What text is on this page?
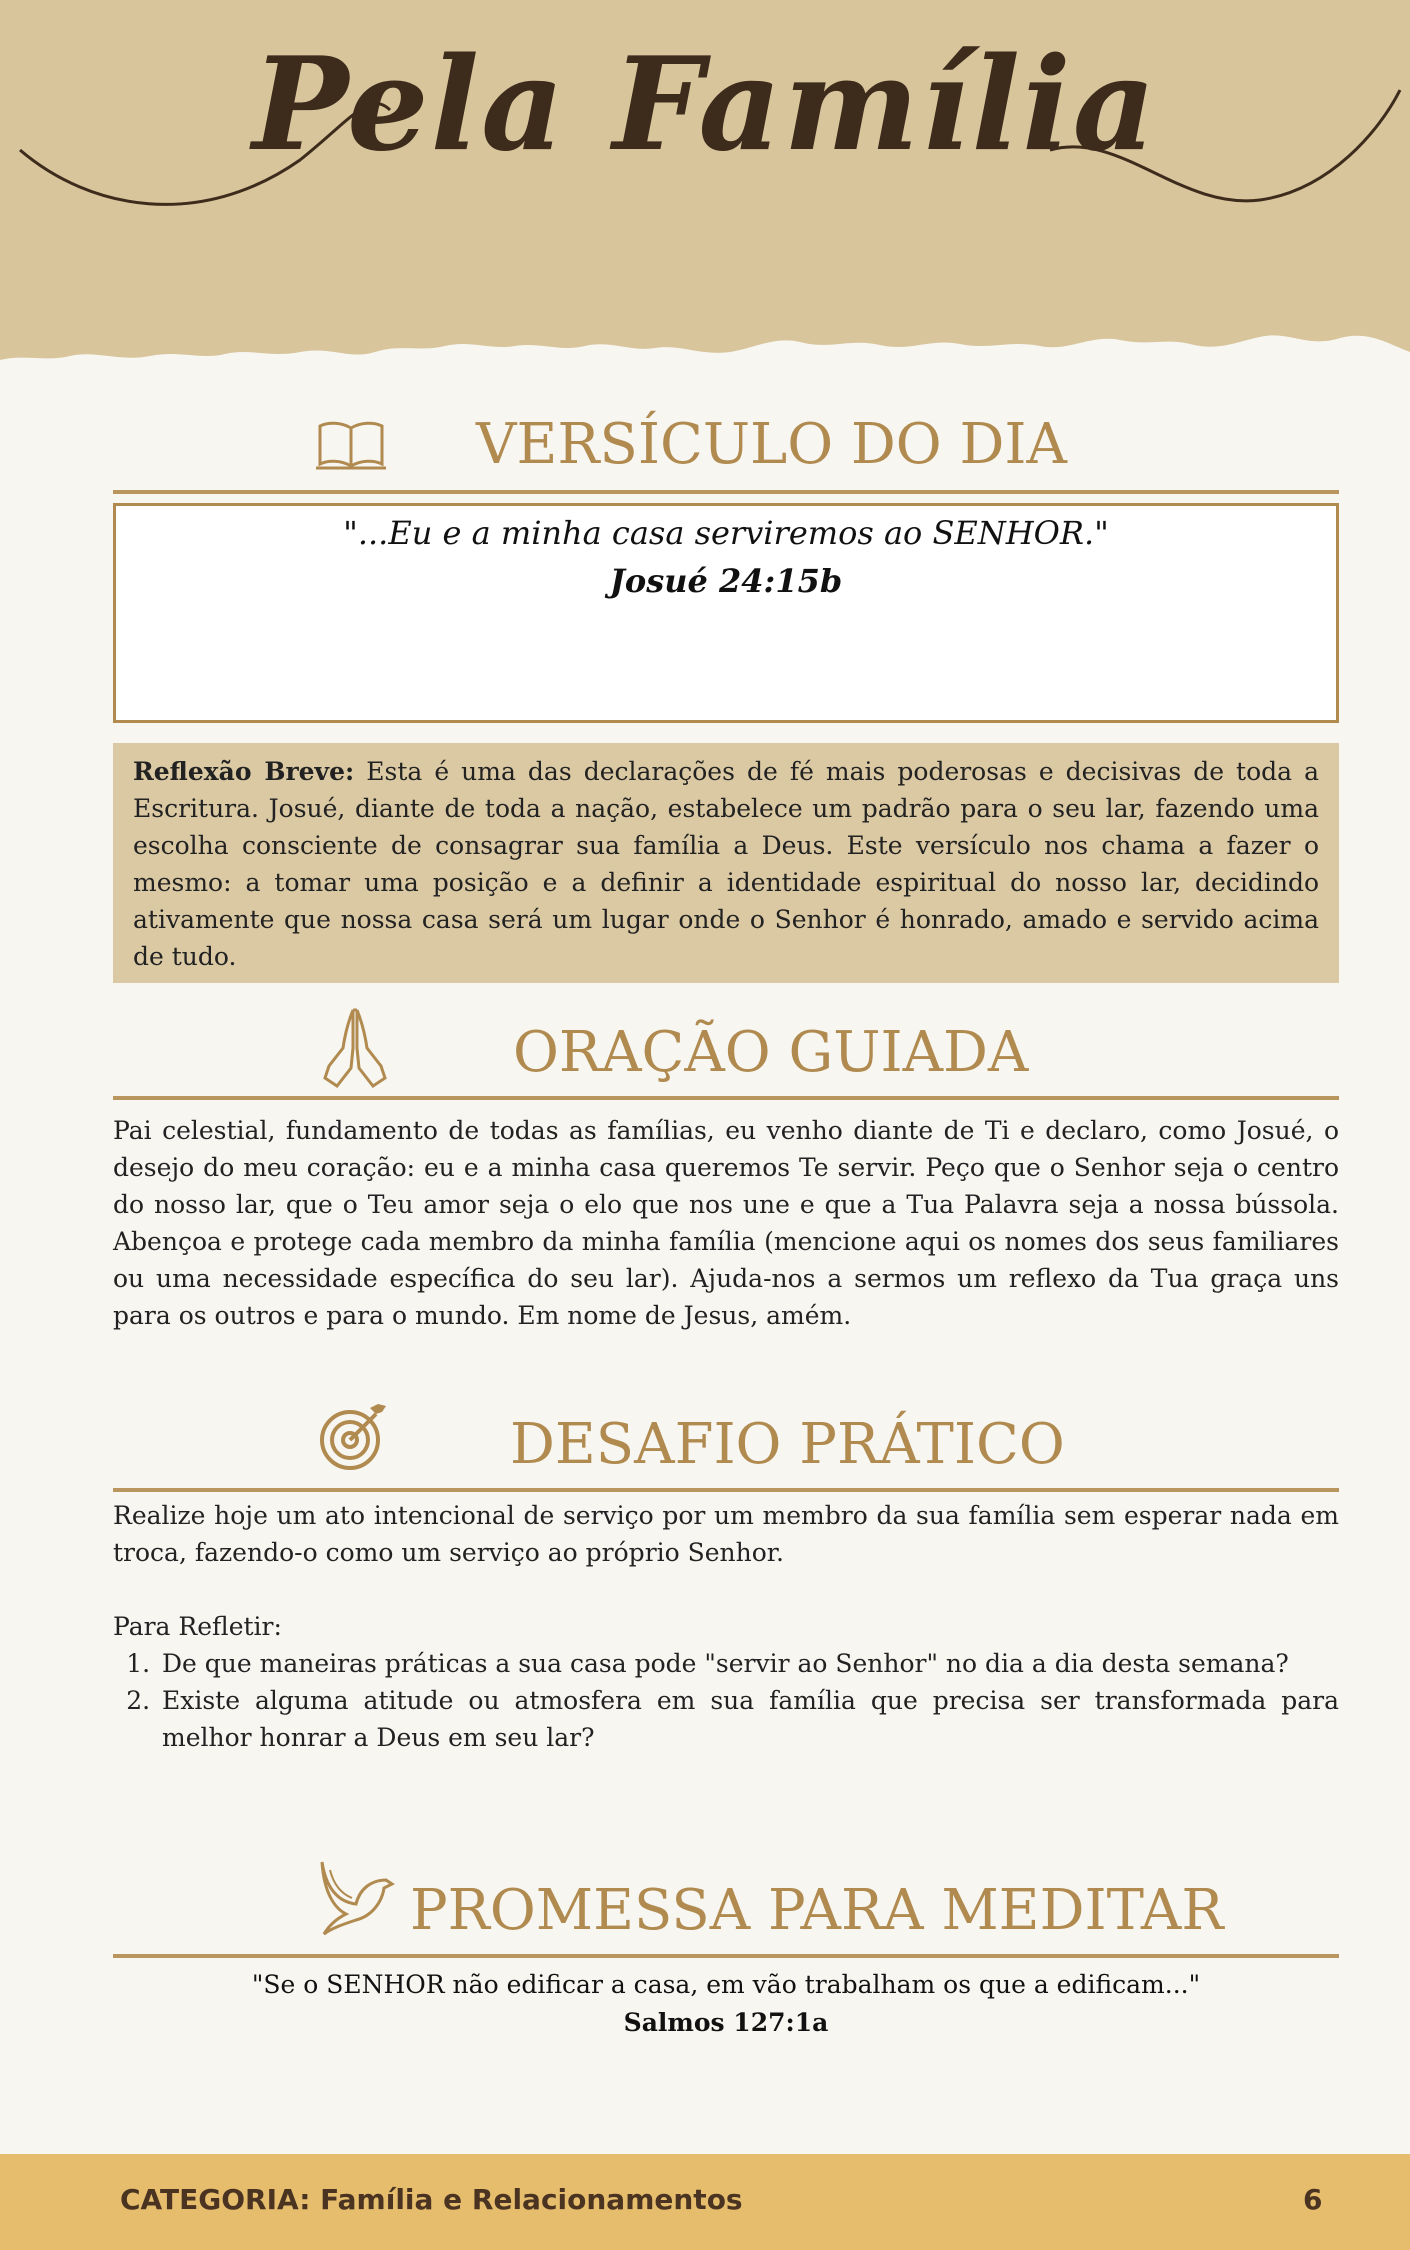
Pela Família
VERSÍCULO DO DIA
"...Eu e a minha casa serviremos ao SENHOR."
Josué 24:15b
Reflexão Breve: Esta é uma das declarações de fé mais poderosas e decisivas de toda a Escritura. Josué, diante de toda a nação, estabelece um padrão para o seu lar, fazendo uma escolha consciente de consagrar sua família a Deus. Este versículo nos chama a fazer o mesmo: a tomar uma posição e a definir a identidade espiritual do nosso lar, decidindo ativamente que nossa casa será um lugar onde o Senhor é honrado, amado e servido acima de tudo.
ORAÇÃO GUIADA

Pai celestial, fundamento de todas as famílias, eu venho diante de Ti e declaro, como Josué, o desejo do meu coração: eu e a minha casa queremos Te servir. Peço que o Senhor seja o centro do nosso lar, que o Teu amor seja o elo que nos une e que a Tua Palavra seja a nossa bússola. Abençoa e protege cada membro da minha família (mencione aqui os nomes dos seus familiares ou uma necessidade específica do seu lar). Ajuda-nos a sermos um reflexo da Tua graça uns para os outros e para o mundo. Em nome de Jesus, amém.

DESAFIO PRÁTICO

Realize hoje um ato intencional de serviço por um membro da sua família sem esperar nada em troca, fazendo-o como um serviço ao próprio Senhor.

Para Refletir:

1. De que maneiras práticas a sua casa pode "servir ao Senhor" no dia a dia desta semana?
2. Existe alguma atitude ou atmosfera em sua família que precisa ser transformada para melhor honrar a Deus em seu lar?
PROMESSA PARA MEDITAR
"Se o SENHOR não edificar a casa, em vão trabalham os que a edificam..."
Salmos 127:1a
CATEGORIA: Família e Relacionamentos	6
